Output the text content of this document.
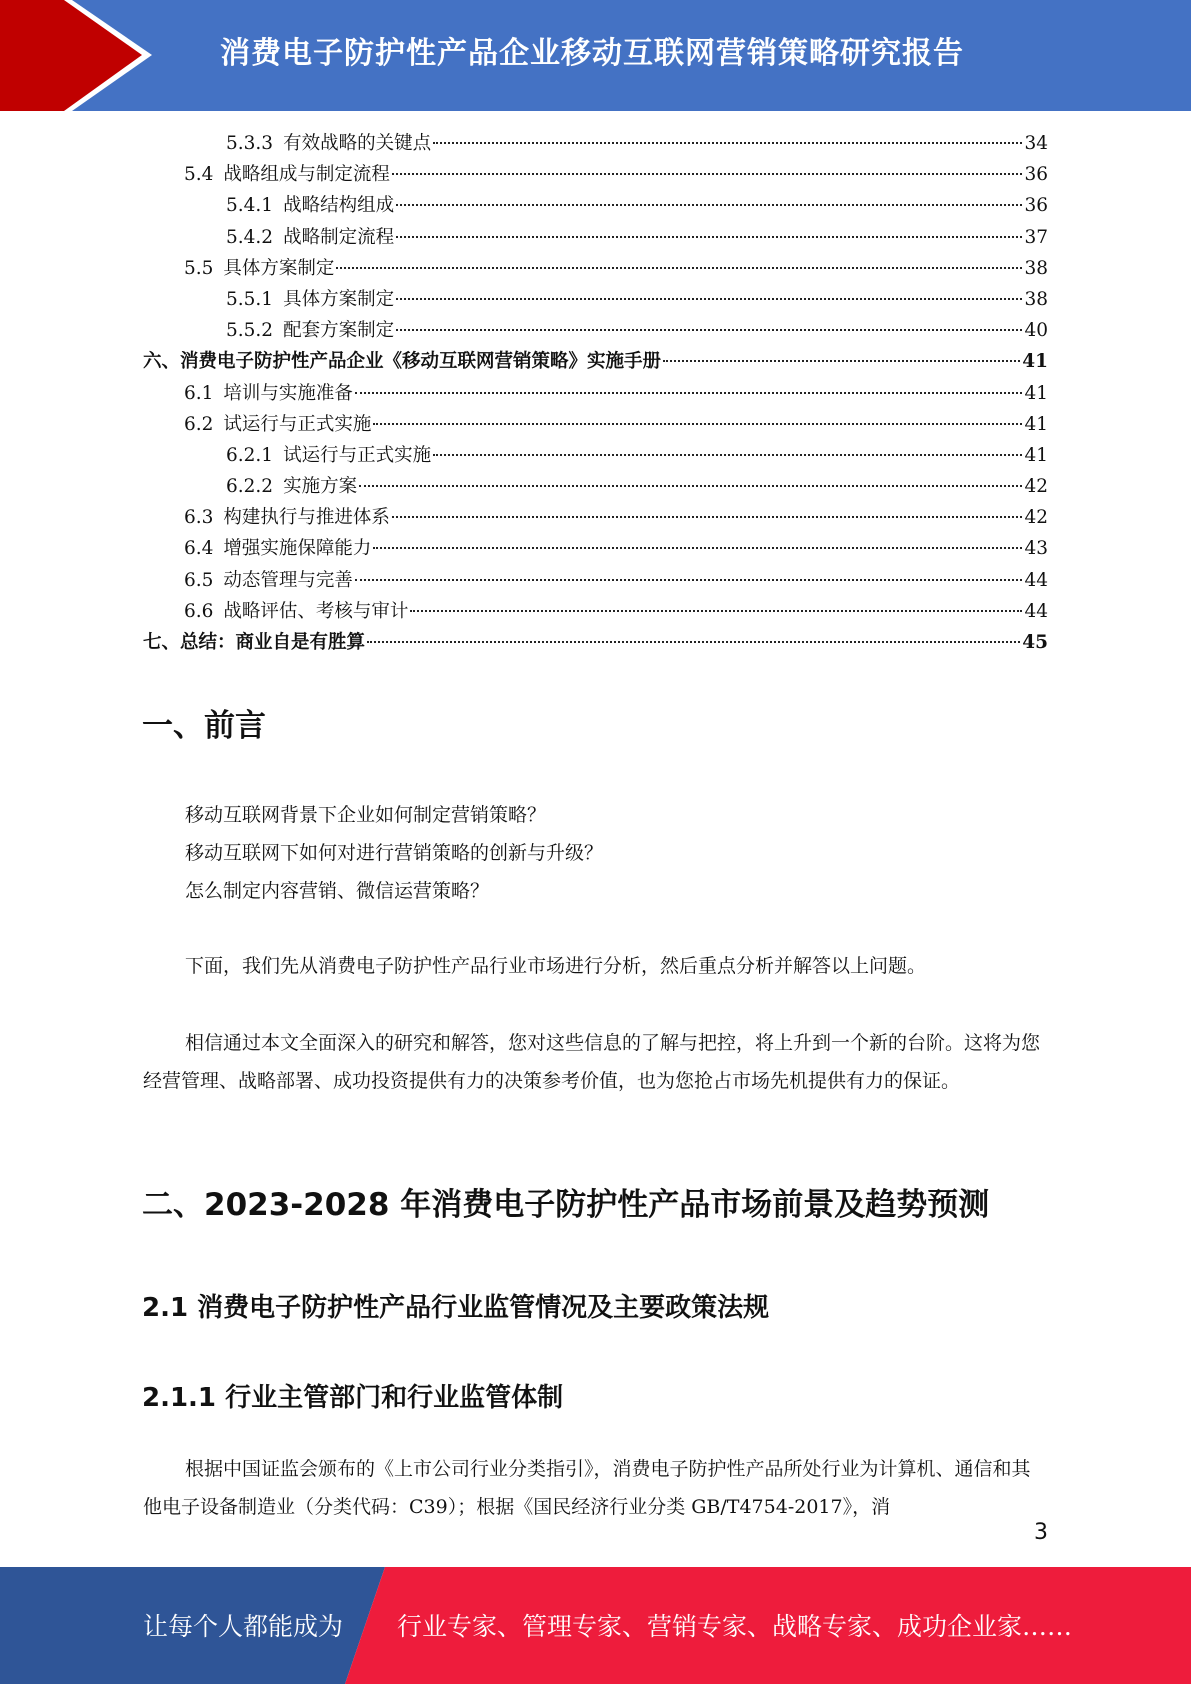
消费电子防护性产品企业移动互联网营销策略研究报告
5.3.3 有效战略的关键点	34
5.4 战略组成与制定流程	36
5.4.1 战略结构组成	36
5.4.2 战略制定流程	37
5.5 具体方案制定	38
5.5.1 具体方案制定	38
5.5.2 配套方案制定	40
六、消费电子防护性产品企业《移动互联网营销策略》实施手册	41
6.1 培训与实施准备	41
6.2 试运行与正式实施	41
6.2.1 试运行与正式实施	41
6.2.2 实施方案	42
6.3 构建执行与推进体系	42
6.4 增强实施保障能力	43
6.5 动态管理与完善	44
6.6 战略评估、考核与审计	44
七、总结：商业自是有胜算	45
一、前言
移动互联网背景下企业如何制定营销策略？
移动互联网下如何对进行营销策略的创新与升级？
怎么制定内容营销、微信运营策略？
下面，我们先从消费电子防护性产品行业市场进行分析，然后重点分析并解答以上问题。
相信通过本文全面深入的研究和解答，您对这些信息的了解与把控，将上升到一个新的台阶。这将为您经营管理、战略部署、成功投资提供有力的决策参考价值，也为您抢占市场先机提供有力的保证。
二、2023-2028 年消费电子防护性产品市场前景及趋势预测
2.1 消费电子防护性产品行业监管情况及主要政策法规
2.1.1 行业主管部门和行业监管体制
根据中国证监会颁布的《上市公司行业分类指引》，消费电子防护性产品所处行业为计算机、通信和其他电子设备制造业（分类代码：C39）；根据《国民经济行业分类 GB/T4754-2017》，消
3
让每个人都能成为 行业专家、管理专家、营销专家、战略专家、成功企业家……
